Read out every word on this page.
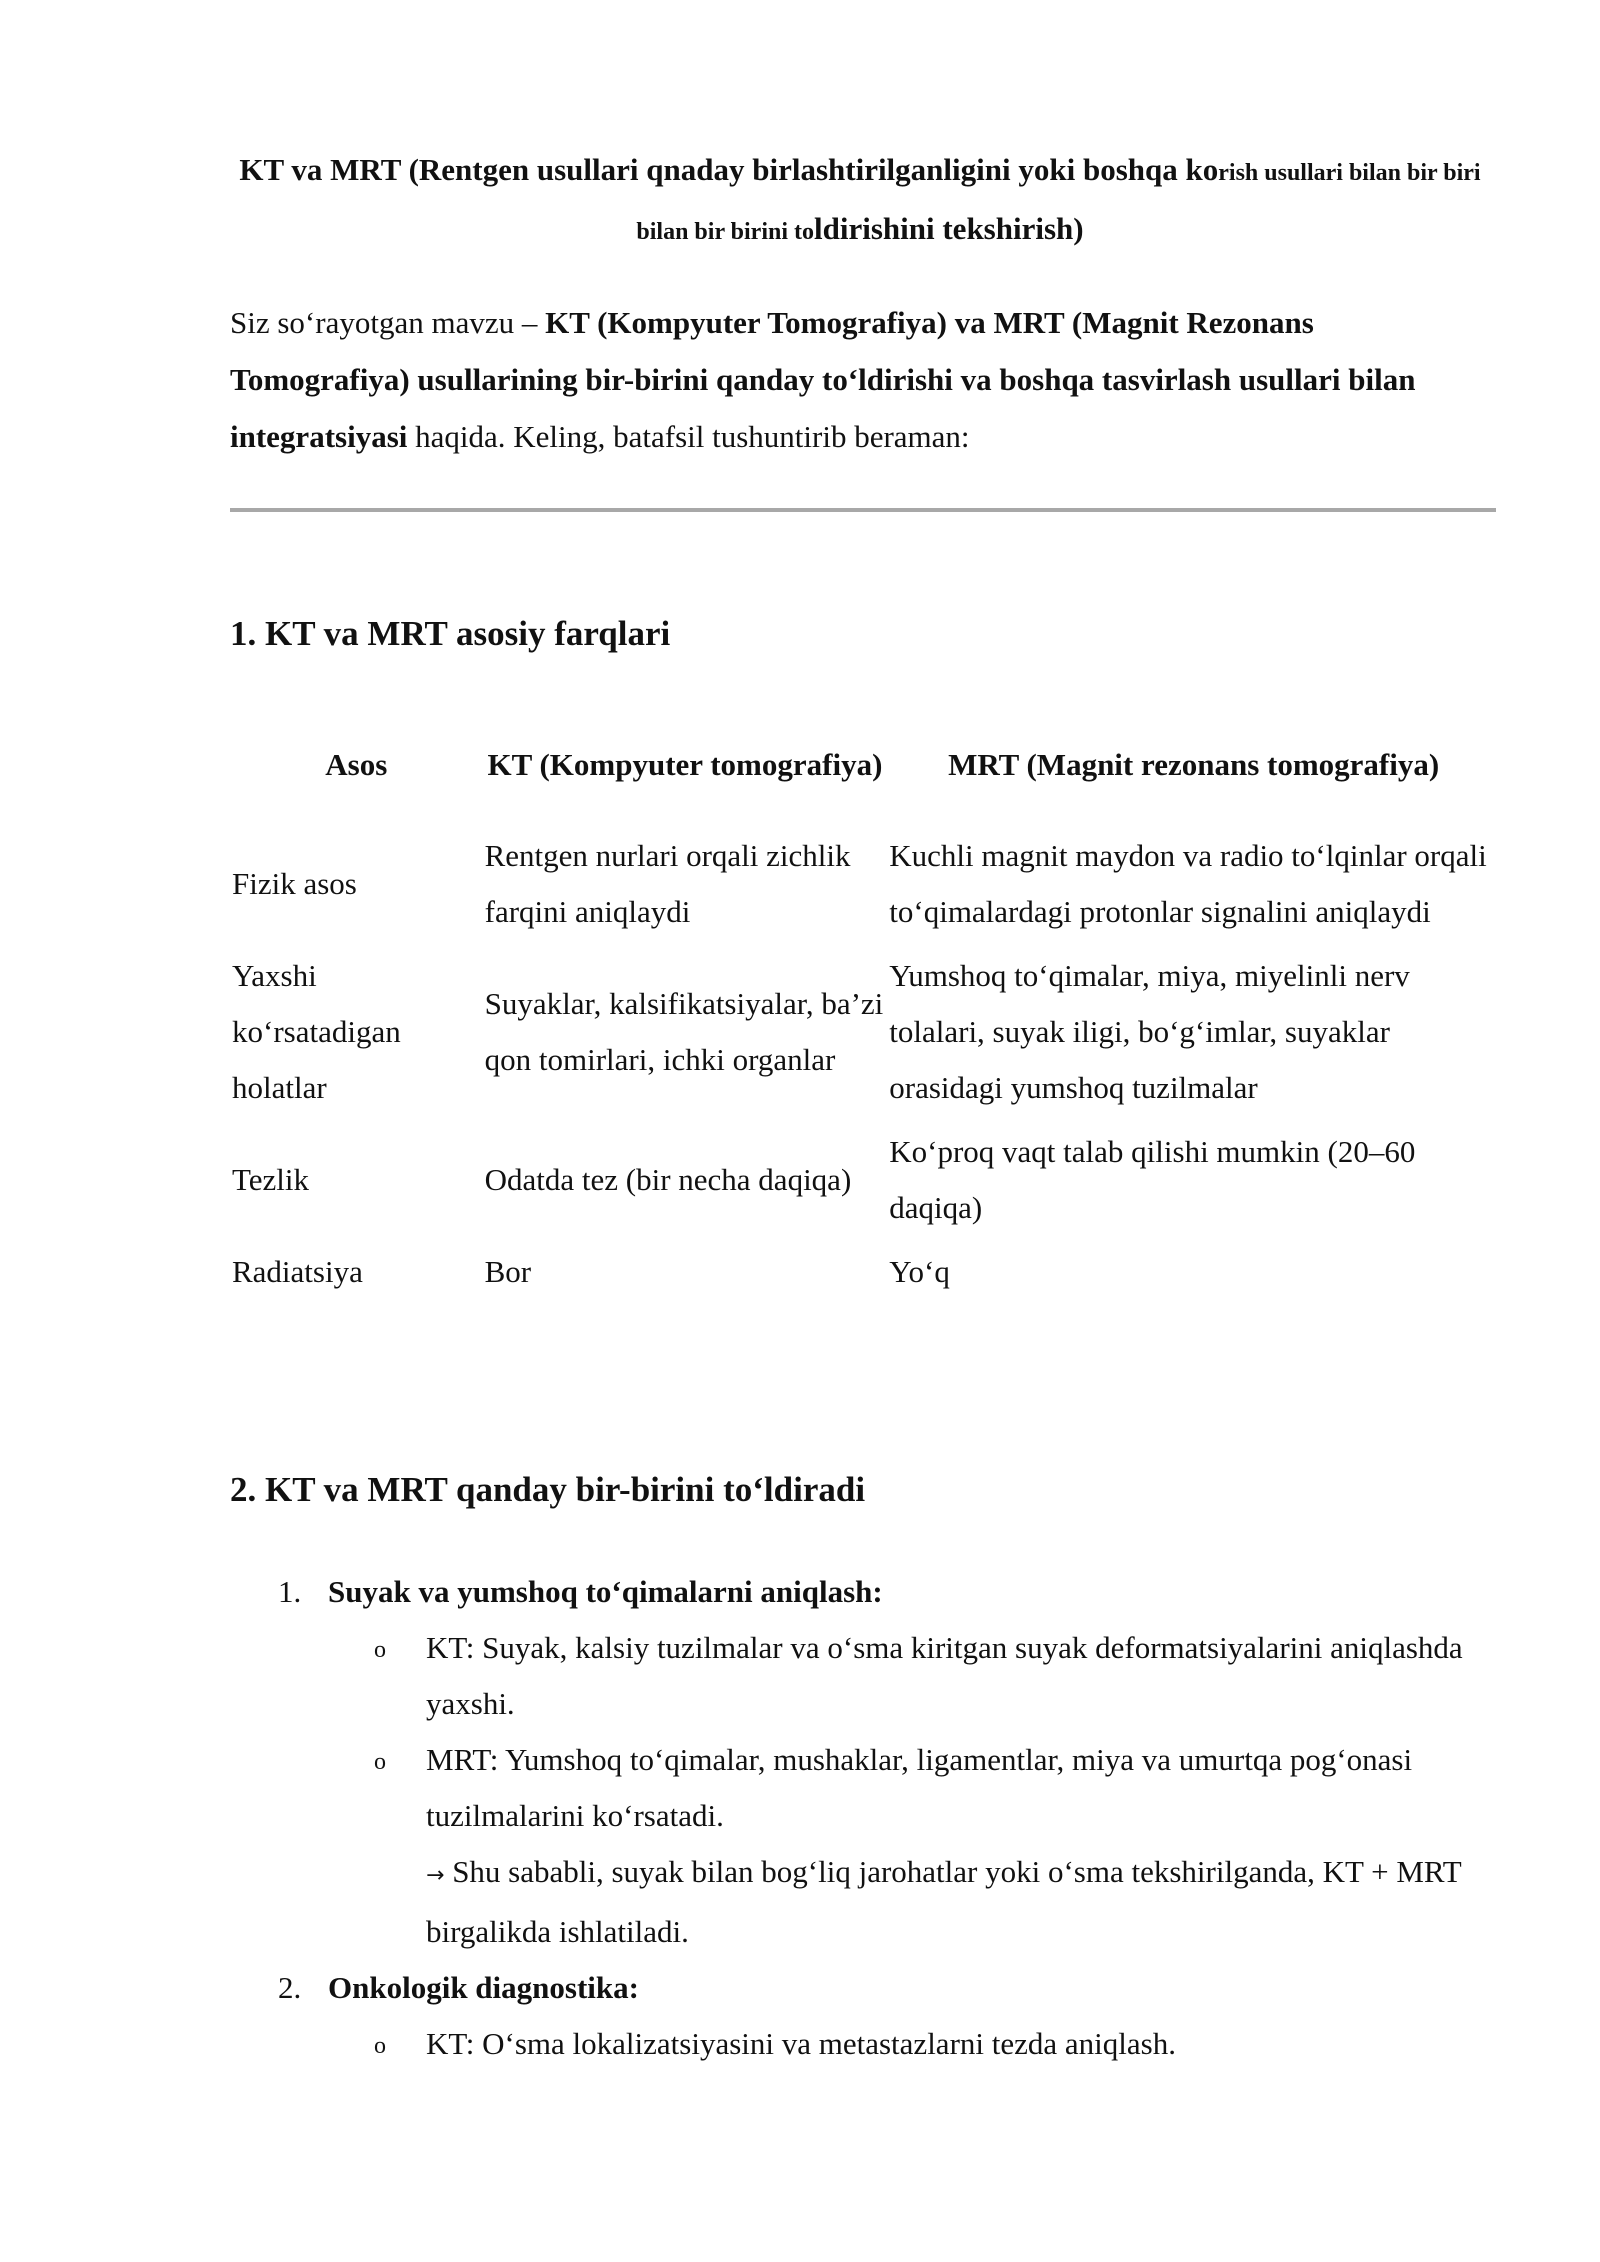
KT va MRT (Rentgen usullari qnaday birlashtirilganligini yoki boshqa korish usullari bilan bir biri bilan bir birini toldirishini tekshirish)
Siz so‘rayotgan mavzu – KT (Kompyuter Tomografiya) va MRT (Magnit Rezonans Tomografiya) usullarining bir-birini qanday to‘ldirishi va boshqa tasvirlash usullari bilan integratsiyasi haqida. Keling, batafsil tushuntirib beraman:
1. KT va MRT asosiy farqlari
Asos	KT (Kompyuter tomografiya)	MRT (Magnit rezonans tomografiya)
Fizik asos	Rentgen nurlari orqali zichlik farqini aniqlaydi	Kuchli magnit maydon va radio to‘lqinlar orqali to‘qimalardagi protonlar signalini aniqlaydi
Yaxshi ko‘rsatadigan holatlar	Suyaklar, kalsifikatsiyalar, ba’zi qon tomirlari, ichki organlar	Yumshoq to‘qimalar, miya, miyelinli nerv tolalari, suyak iligi, bo‘g‘imlar, suyaklar orasidagi yumshoq tuzilmalar
Tezlik	Odatda tez (bir necha daqiqa)	Ko‘proq vaqt talab qilishi mumkin (20–60 daqiqa)
Radiatsiya	Bor	Yo‘q
2. KT va MRT qanday bir-birini to‘ldiradi
1. Suyak va yumshoq to‘qimalarni aniqlash:
o KT: Suyak, kalsiy tuzilmalar va o‘sma kiritgan suyak deformatsiyalarini aniqlashda yaxshi.
o MRT: Yumshoq to‘qimalar, mushaklar, ligamentlar, miya va umurtqa pog‘onasi tuzilmalarini ko‘rsatadi.
→ Shu sababli, suyak bilan bog‘liq jarohatlar yoki o‘sma tekshirilganda, KT + MRT birgalikda ishlatiladi.
2. Onkologik diagnostika:
o KT: O‘sma lokalizatsiyasini va metastazlarni tezda aniqlash.
